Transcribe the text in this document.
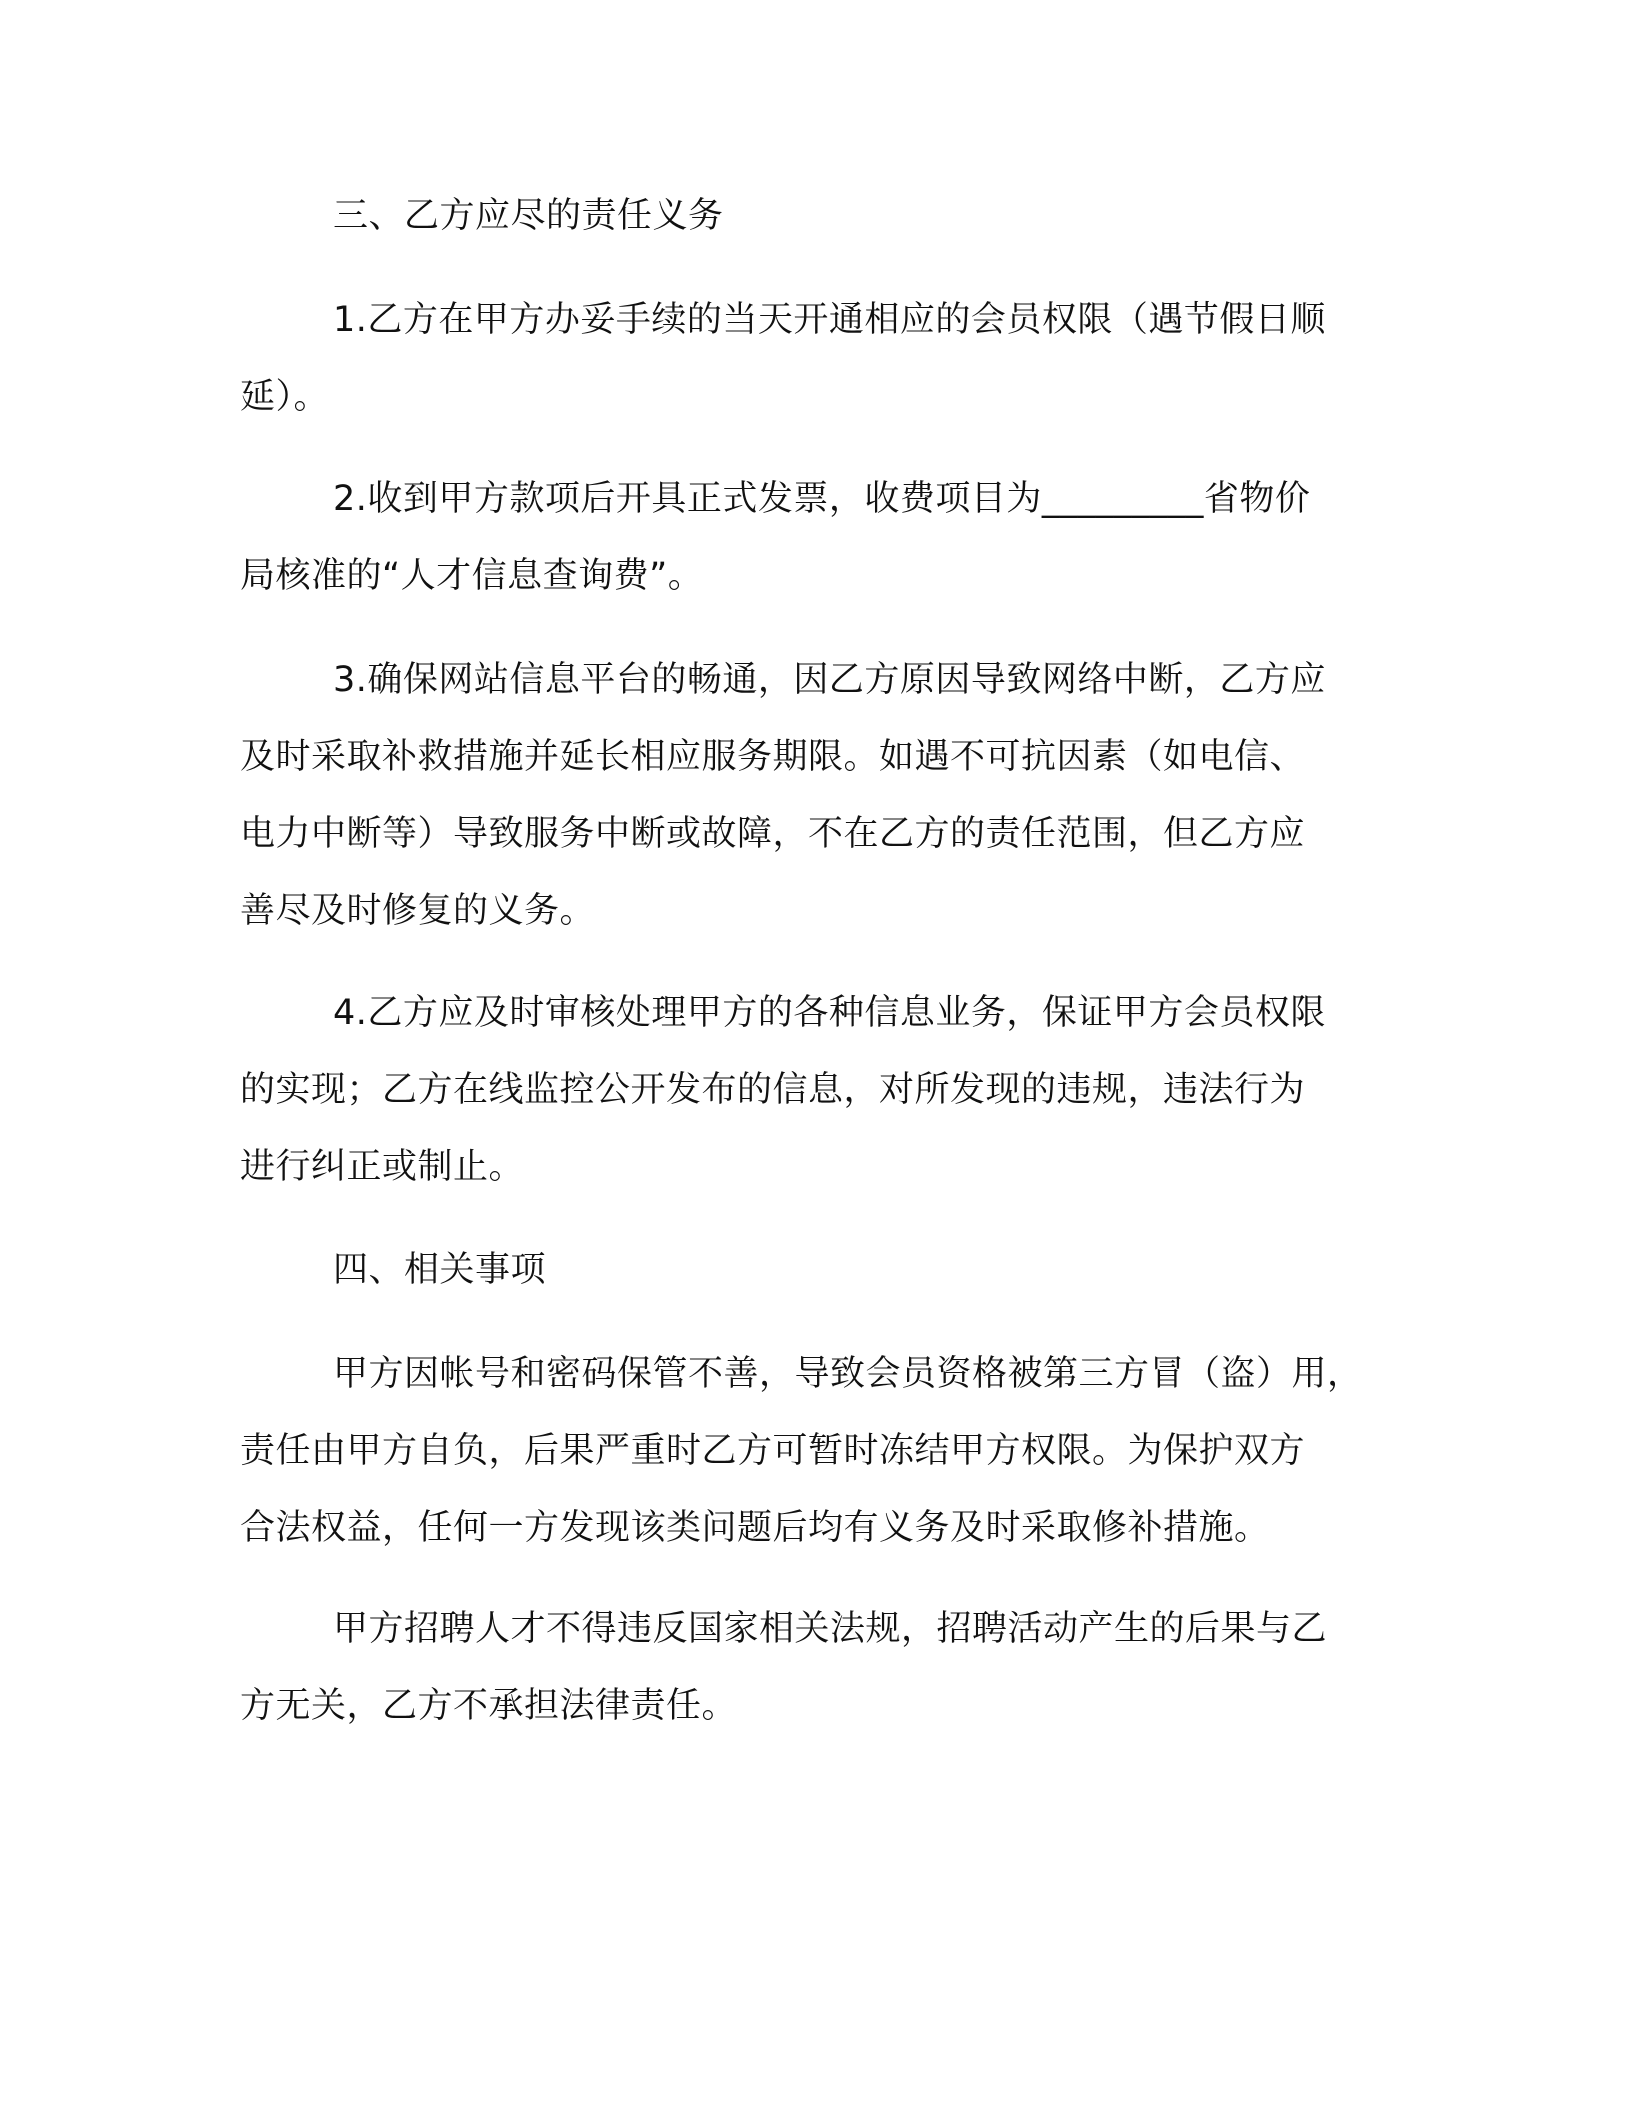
三、乙方应尽的责任义务

1.乙方在甲方办妥手续的当天开通相应的会员权限（遇节假日顺
延）。

2.收到甲方款项后开具正式发票，收费项目为_________省物价
局核准的“人才信息查询费”。

3.确保网站信息平台的畅通，因乙方原因导致网络中断，乙方应
及时采取补救措施并延长相应服务期限。如遇不可抗因素（如电信、
电力中断等）导致服务中断或故障，不在乙方的责任范围，但乙方应
善尽及时修复的义务。

4.乙方应及时审核处理甲方的各种信息业务，保证甲方会员权限
的实现；乙方在线监控公开发布的信息，对所发现的违规，违法行为
进行纠正或制止。

四、相关事项

甲方因帐号和密码保管不善，导致会员资格被第三方冒（盗）用，
责任由甲方自负，后果严重时乙方可暂时冻结甲方权限。为保护双方
合法权益，任何一方发现该类问题后均有义务及时采取修补措施。

甲方招聘人才不得违反国家相关法规，招聘活动产生的后果与乙
方无关，乙方不承担法律责任。
